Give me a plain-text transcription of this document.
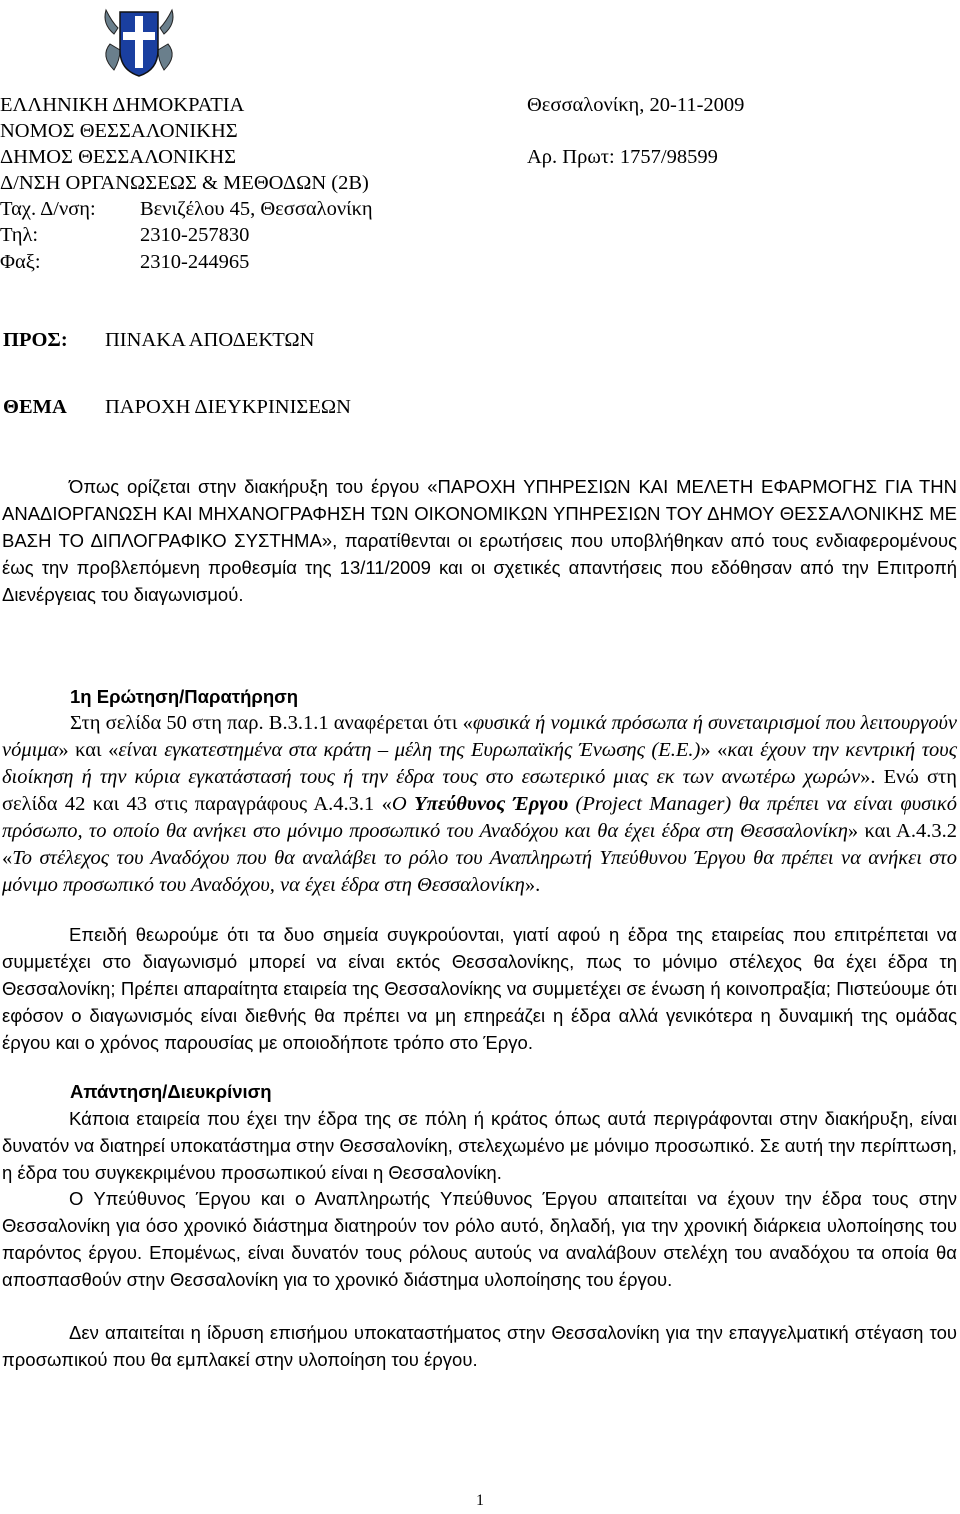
ΕΛΛΗΝΙΚΗ ΔΗΜΟΚΡΑΤΙΑ
ΝΟΜΟΣ ΘΕΣΣΑΛΟΝΙΚΗΣ
ΔΗΜΟΣ ΘΕΣΣΑΛΟΝΙΚΗΣ
Δ/ΝΣΗ ΟΡΓΑΝΩΣΕΩΣ & ΜΕΘΟΔΩΝ (2Β)
Ταχ. Δ/νση: Βενιζέλου 45, Θεσσαλονίκη
Τηλ:	2310-257830
Φαξ:	2310-244965
Θεσσαλονίκη, 20-11-2009
Αρ. Πρωτ: 1757/98599
ΠΡΟΣ: ΠΙΝΑΚΑ ΑΠΟΔΕΚΤΩΝ
ΘΕΜΑ ΠΑΡΟΧΗ ΔΙΕΥΚΡΙΝΙΣΕΩΝ
Όπως ορίζεται στην διακήρυξη του έργου «ΠΑΡΟΧΗ ΥΠΗΡΕΣΙΩΝ ΚΑΙ ΜΕΛΕΤΗ ΕΦΑΡΜΟΓΗΣ ΓΙΑ ΤΗΝ ΑΝΑΔΙΟΡΓΑΝΩΣΗ ΚΑΙ ΜΗΧΑΝΟΓΡΑΦΗΣΗ ΤΩΝ ΟΙΚΟΝΟΜΙΚΩΝ ΥΠΗΡΕΣΙΩΝ ΤΟΥ ΔΗΜΟΥ ΘΕΣΣΑΛΟΝΙΚΗΣ ΜΕ ΒΑΣΗ ΤΟ ΔΙΠΛΟΓΡΑΦΙΚΟ ΣΥΣΤΗΜΑ», παρατίθενται οι ερωτήσεις που υποβλήθηκαν από τους ενδιαφερομένους έως την προβλεπόμενη προθεσμία της 13/11/2009 και οι σχετικές απαντήσεις που εδόθησαν από την Επιτροπή Διενέργειας του διαγωνισμού.
1η Ερώτηση/Παρατήρηση
Στη σελίδα 50 στη παρ. Β.3.1.1 αναφέρεται ότι «φυσικά ή νομικά πρόσωπα ή συνεταιρισμοί που λειτουργούν νόμιμα» και «είναι εγκατεστημένα στα κράτη – μέλη της Ευρωπαϊκής Ένωσης (Ε.Ε.)» «και έχουν την κεντρική τους διοίκηση ή την κύρια εγκατάστασή τους ή την έδρα τους στο εσωτερικό μιας εκ των ανωτέρω χωρών». Ενώ στη σελίδα 42 και 43 στις παραγράφους Α.4.3.1 «Ο Υπεύθυνος Έργου (Project Manager) θα πρέπει να είναι φυσικό πρόσωπο, το οποίο θα ανήκει στο μόνιμο προσωπικό του Αναδόχου και θα έχει έδρα στη Θεσσαλονίκη» και Α.4.3.2 «Το στέλεχος του Αναδόχου που θα αναλάβει το ρόλο του Αναπληρωτή Υπεύθυνου Έργου θα πρέπει να ανήκει στο μόνιμο προσωπικό του Αναδόχου, να έχει έδρα στη Θεσσαλονίκη».
Επειδή θεωρούμε ότι τα δυο σημεία συγκρούονται, γιατί αφού η έδρα της εταιρείας που επιτρέπεται να συμμετέχει στο διαγωνισμό μπορεί να είναι εκτός Θεσσαλονίκης, πως το μόνιμο στέλεχος θα έχει έδρα τη Θεσσαλονίκη; Πρέπει απαραίτητα εταιρεία της Θεσσαλονίκης να συμμετέχει σε ένωση ή κοινοπραξία; Πιστεύουμε ότι εφόσον ο διαγωνισμός είναι διεθνής θα πρέπει να μη επηρεάζει η έδρα αλλά γενικότερα η δυναμική της ομάδας έργου και ο χρόνος παρουσίας με οποιοδήποτε τρόπο στο Έργο.
Απάντηση/Διευκρίνιση
Κάποια εταιρεία που έχει την έδρα της σε πόλη ή κράτος όπως αυτά περιγράφονται στην διακήρυξη, είναι δυνατόν να διατηρεί υποκατάστημα στην Θεσσαλονίκη, στελεχωμένο με μόνιμο προσωπικό. Σε αυτή την περίπτωση, η έδρα του συγκεκριμένου προσωπικού είναι η Θεσσαλονίκη.
Ο Υπεύθυνος Έργου και ο Αναπληρωτής Υπεύθυνος Έργου απαιτείται να έχουν την έδρα τους στην Θεσσαλονίκη για όσο χρονικό διάστημα διατηρούν τον ρόλο αυτό, δηλαδή, για την χρονική διάρκεια υλοποίησης του παρόντος έργου. Επομένως, είναι δυνατόν τους ρόλους αυτούς να αναλάβουν στελέχη του αναδόχου τα οποία θα αποσπασθούν στην Θεσσαλονίκη για το χρονικό διάστημα υλοποίησης του έργου.
Δεν απαιτείται η ίδρυση επισήμου υποκαταστήματος στην Θεσσαλονίκη για την επαγγελματική στέγαση του προσωπικού που θα εμπλακεί στην υλοποίηση του έργου.
1
